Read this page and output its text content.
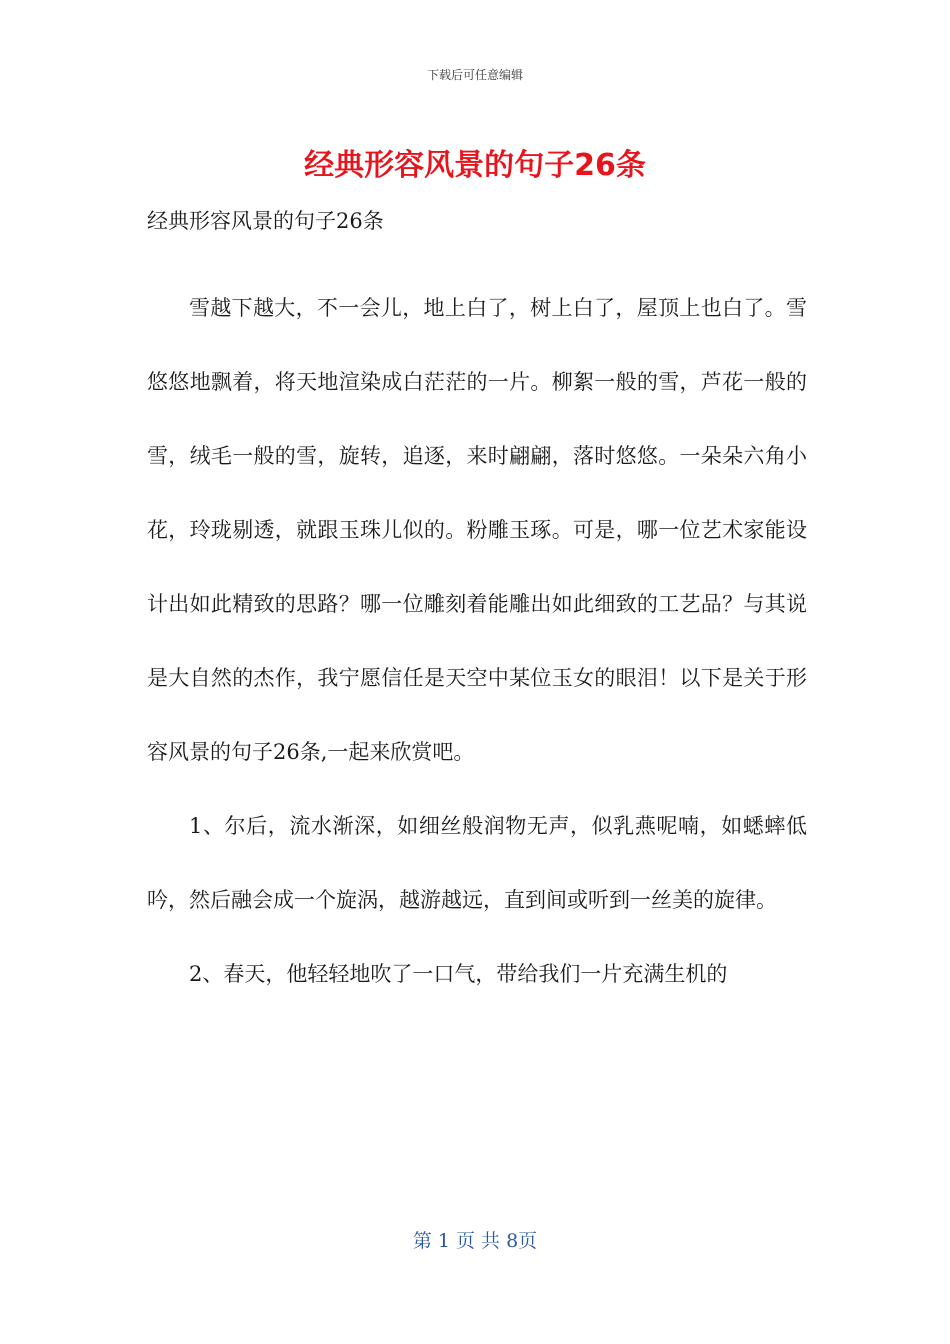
下载后可任意编辑
经典形容风景的句子26条

经典形容风景的句子26条

雪越下越大，不一会儿，地上白了，树上白了，屋顶上也白了。雪悠悠地飘着，将天地渲染成白茫茫的一片。柳絮一般的雪，芦花一般的雪，绒毛一般的雪，旋转，追逐，来时翩翩，落时悠悠。一朵朵六角小花，玲珑剔透，就跟玉珠儿似的。粉雕玉琢。可是，哪一位艺术家能设计出如此精致的思路？哪一位雕刻着能雕出如此细致的工艺品？与其说是大自然的杰作，我宁愿信任是天空中某位玉女的眼泪！以下是关于形容风景的句子26条,一起来欣赏吧。

1、尔后，流水渐深，如细丝般润物无声，似乳燕呢喃，如蟋蟀低吟，然后融会成一个旋涡，越游越远，直到间或听到一丝美的旋律。

2、春天，他轻轻地吹了一口气，带给我们一片充满生机的

第 1 页 共 8页
